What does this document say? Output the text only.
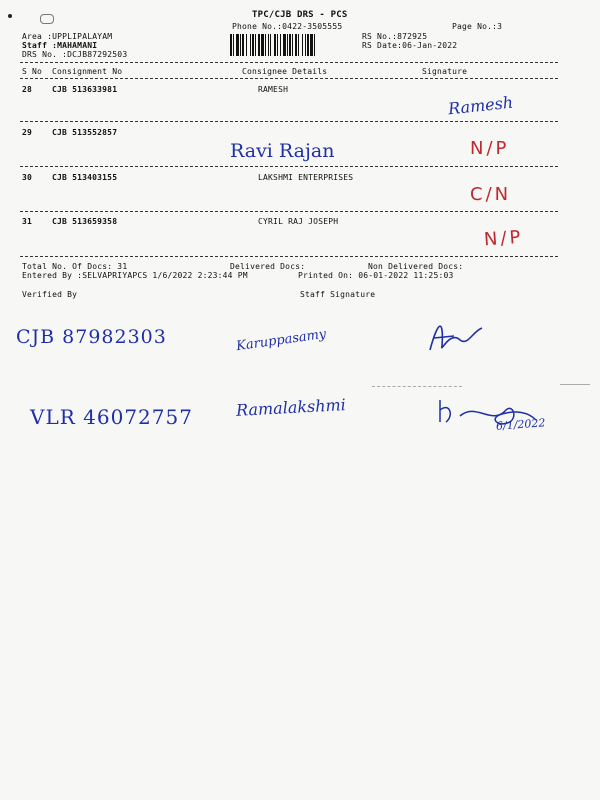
TPC/CJB DRS - PCS
Phone No.:0422-3505555	Page No.:3
Area :UPPLIPALAYAM
Staff :MAHAMANI
DRS No. :DCJB87292503
RS No.:872925
RS Date:06-Jan-2022
S No Consignment No	Consignee Details	Signature
28 CJB 513633981	RAMESH
Ramesh
29 CJB 513552857
Ravi Rajan	N/P
30 CJB 513403155	LAKSHMI ENTERPRISES
C/N
31 CJB 513659358	CYRIL RAJ JOSEPH
N/P
Total No. Of Docs: 31	Delivered Docs:	Non Delivered Docs:
Entered By :SELVAPRIYAPCS 1/6/2022 2:23:44 PM	Printed On: 06-01-2022 11:25:03
Verified By	Staff Signature
CJB 87982303	Karuppasamy
VLR 46072757	Ramalakshmi
6/1/2022
